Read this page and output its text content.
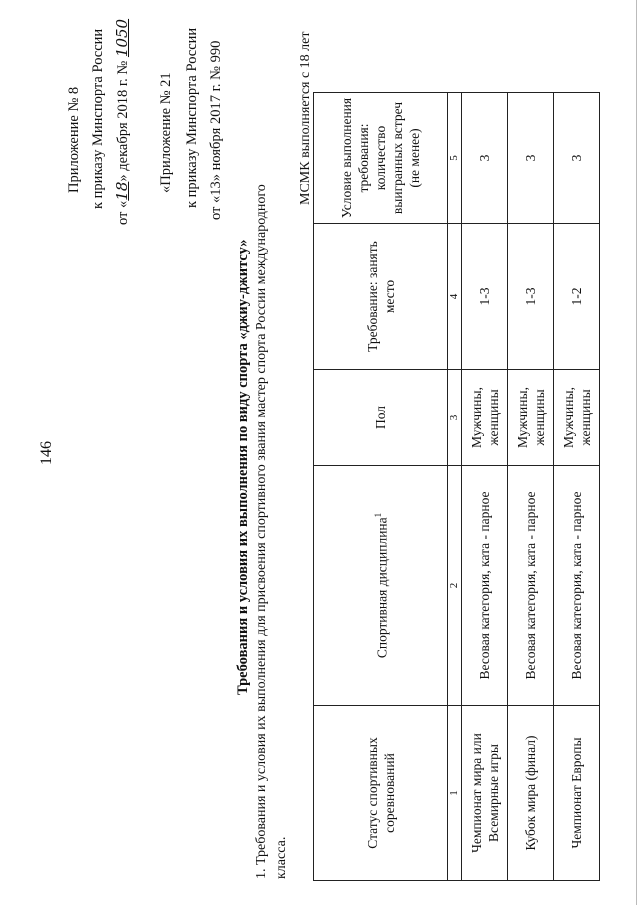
146
Приложение № 8 к приказу Минспорта России
от «18» декабря 2018 г. № 1050
«Приложение № 21 к приказу Минспорта России от «13» ноября 2017 г. № 990
Требования и условия их выполнения по виду спорта «джиу-джитсу» 1. Требования и условия их выполнения для присвоения спортивного звания мастер спорта России международного класса.
МСМК выполняется с 18 лет
Статус спортивных соревнований	Спортивная дисциплина$^1$	Пол	Требование: занять место	Условие выполнения требования: количество выигранных встреч (не менее)
1	2	3	4	5
Чемпионат мира или Всемирные игры	Весовая категория, ката - парное	Мужчины, женщины	1-3	3
Кубок мира (финал)	Весовая категория, ката - парное	Мужчины, женщины	1-3	3
Чемпионат Европы	Весовая категория, ката - парное	Мужчины, женщины	1-2	3
